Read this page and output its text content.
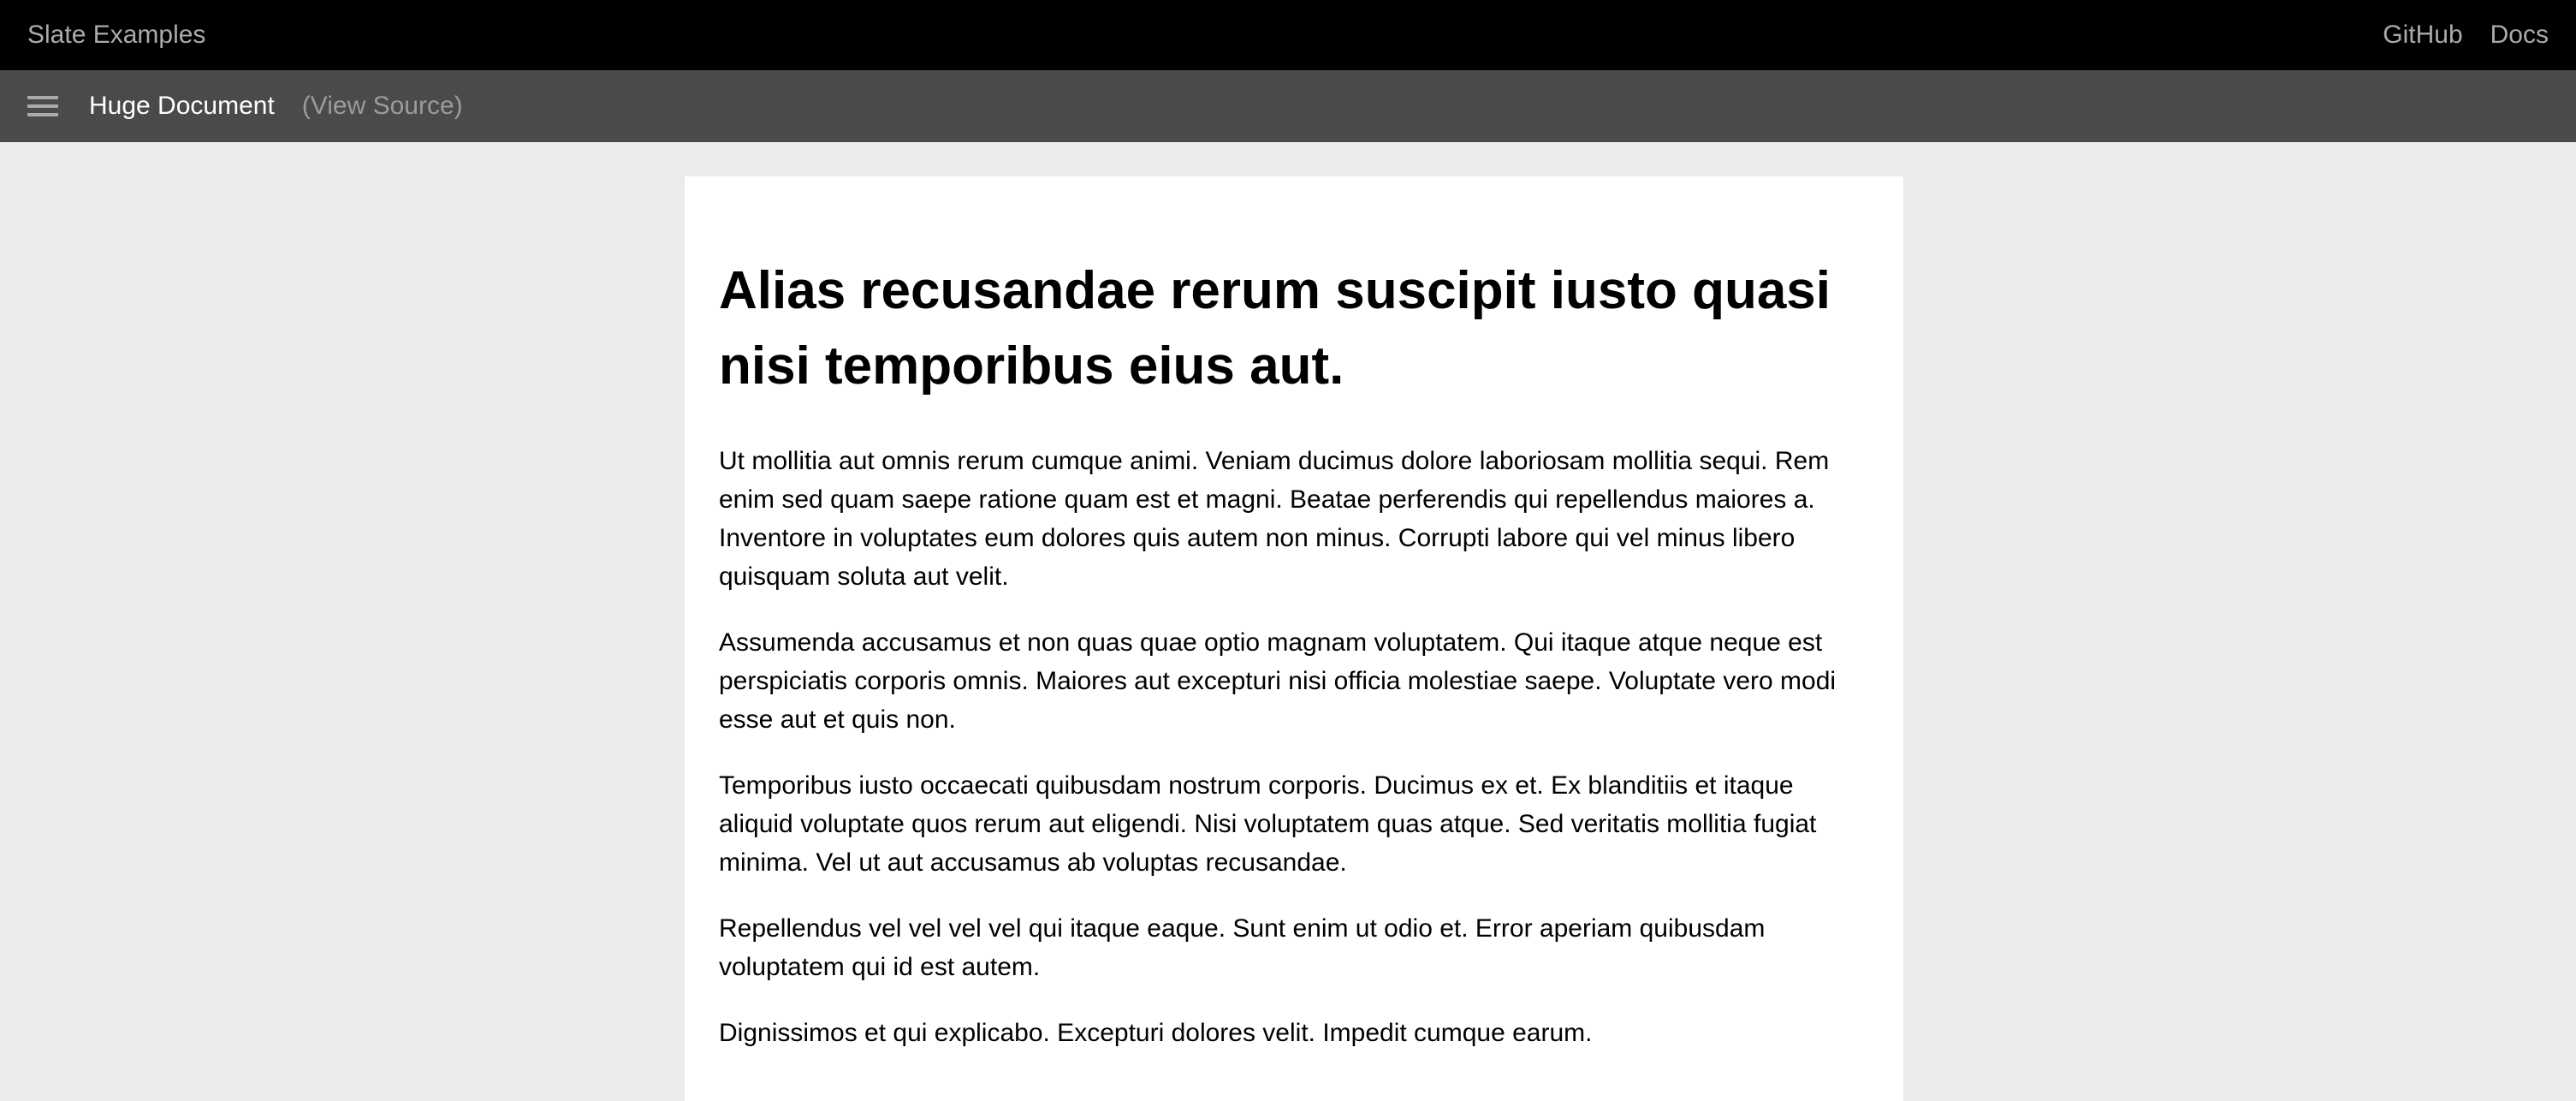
Slate Examples	GitHub Docs
Huge Document (View Source)
Alias recusandae rerum suscipit iusto quasi nisi temporibus eius aut.

Ut mollitia aut omnis rerum cumque animi. Veniam ducimus dolore laboriosam mollitia sequi. Rem enim sed quam saepe ratione quam est et magni. Beatae perferendis qui repellendus maiores a. Inventore in voluptates eum dolores quis autem non minus. Corrupti labore qui vel minus libero quisquam soluta aut velit.

Assumenda accusamus et non quas quae optio magnam voluptatem. Qui itaque atque neque est perspiciatis corporis omnis. Maiores aut excepturi nisi officia molestiae saepe. Voluptate vero modi esse aut et quis non.

Temporibus iusto occaecati quibusdam nostrum corporis. Ducimus ex et. Ex blanditiis et itaque aliquid voluptate quos rerum aut eligendi. Nisi voluptatem quas atque. Sed veritatis mollitia fugiat minima. Vel ut aut accusamus ab voluptas recusandae.

Repellendus vel vel vel vel qui itaque eaque. Sunt enim ut odio et. Error aperiam quibusdam voluptatem qui id est autem.

Dignissimos et qui explicabo. Excepturi dolores velit. Impedit cumque earum.
